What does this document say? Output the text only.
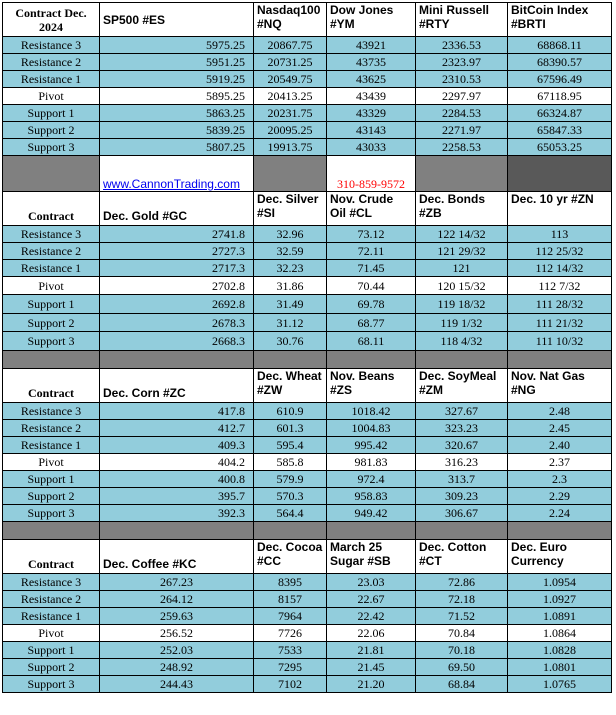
Contract Dec. 2024	SP500 #ES	Nasdaq100 #NQ	Dow Jones #YM	Mini Russell #RTY	BitCoin Index #BRTI
Resistance 3	5975.25	20867.75	43921	2336.53	68868.11
Resistance 2	5951.25	20731.25	43735	2323.97	68390.57
Resistance 1	5919.25	20549.75	43625	2310.53	67596.49
Pivot	5895.25	20413.25	43439	2297.97	67118.95
Support 1	5863.25	20231.75	43329	2284.53	66324.87
Support 2	5839.25	20095.25	43143	2271.97	65847.33
Support 3	5807.25	19913.75	43033	2258.53	65053.25
	www.CannonTrading.com		310-859-9572		
Contract	Dec. Gold #GC	Dec. Silver #SI	Nov. Crude Oil #CL	Dec. Bonds #ZB	Dec. 10 yr #ZN
Resistance 3	2741.8	32.96	73.12	122 14/32	113
Resistance 2	2727.3	32.59	72.11	121 29/32	112 25/32
Resistance 1	2717.3	32.23	71.45	121	112 14/32
Pivot	2702.8	31.86	70.44	120 15/32	112 7/32
Support 1	2692.8	31.49	69.78	119 18/32	111 28/32
Support 2	2678.3	31.12	68.77	119 1/32	111 21/32
Support 3	2668.3	30.76	68.11	118 4/32	111 10/32

Contract	Dec. Corn #ZC	Dec. Wheat #ZW	Nov. Beans #ZS	Dec. SoyMeal #ZM	Nov. Nat Gas #NG
Resistance 3	417.8	610.9	1018.42	327.67	2.48
Resistance 2	412.7	601.3	1004.83	323.23	2.45
Resistance 1	409.3	595.4	995.42	320.67	2.40
Pivot	404.2	585.8	981.83	316.23	2.37
Support 1	400.8	579.9	972.4	313.7	2.3
Support 2	395.7	570.3	958.83	309.23	2.29
Support 3	392.3	564.4	949.42	306.67	2.24

Contract	Dec. Coffee #KC	Dec. Cocoa #CC	March 25 Sugar #SB	Dec. Cotton #CT	Dec. Euro Currency
Resistance 3	267.23	8395	23.03	72.86	1.0954
Resistance 2	264.12	8157	22.67	72.18	1.0927
Resistance 1	259.63	7964	22.42	71.52	1.0891
Pivot	256.52	7726	22.06	70.84	1.0864
Support 1	252.03	7533	21.81	70.18	1.0828
Support 2	248.92	7295	21.45	69.50	1.0801
Support 3	244.43	7102	21.20	68.84	1.0765
